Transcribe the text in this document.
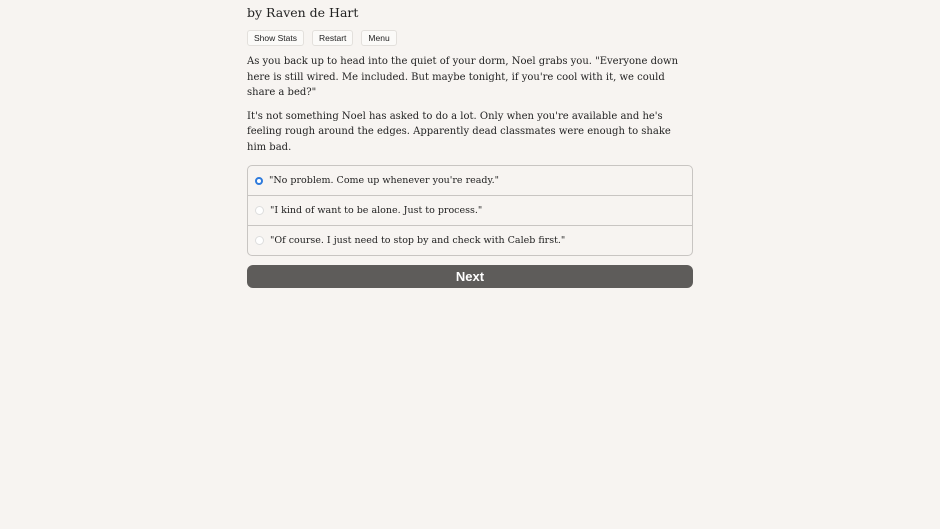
by Raven de Hart
Show Stats	Restart	Menu

As you back up to head into the quiet of your dorm, Noel grabs you. "Everyone down here is still wired. Me included. But maybe tonight, if you're cool with it, we could share a bed?"

It's not something Noel has asked to do a lot. Only when you're available and he's feeling rough around the edges. Apparently dead classmates were enough to shake him bad.

"No problem. Come up whenever you're ready."
"I kind of want to be alone. Just to process."
"Of course. I just need to stop by and check with Caleb first."
Next
